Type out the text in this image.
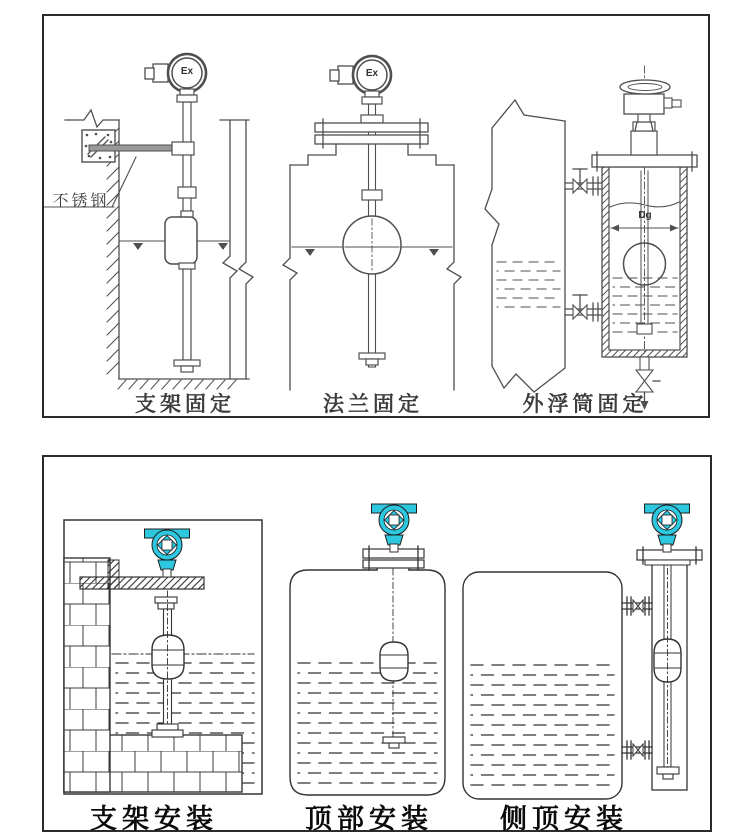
Ex	Ex
Dg
不锈钢
支架固定	法兰固定	外浮筒固定
支架安装	顶部安装	侧顶安装
